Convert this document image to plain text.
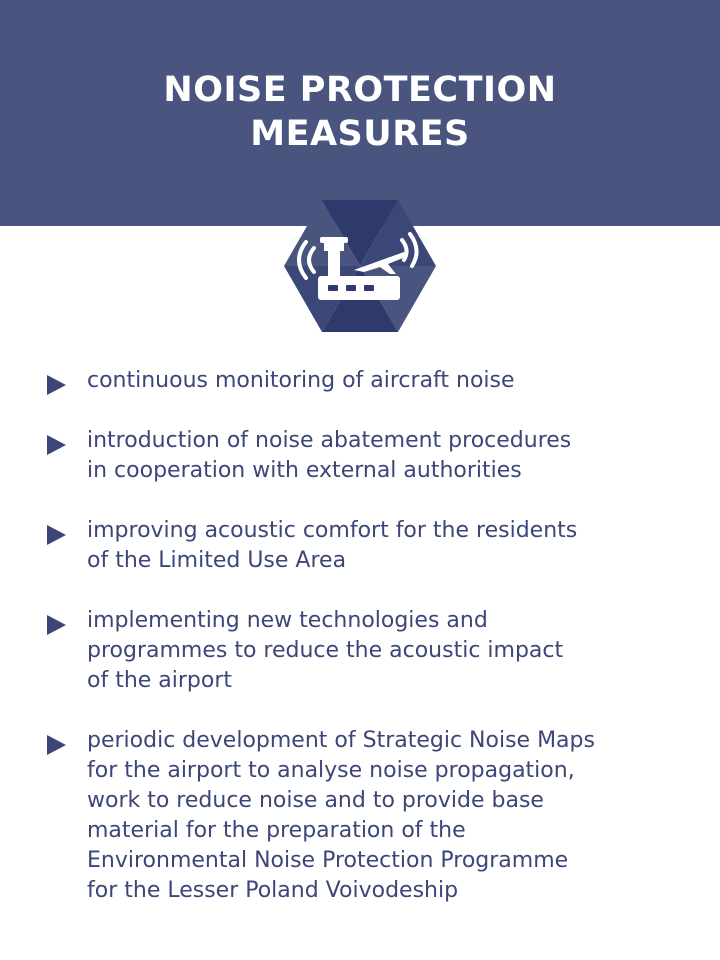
NOISE PROTECTION
MEASURES
continuous monitoring of aircraft noise
introduction of noise abatement procedures
in cooperation with external authorities
improving acoustic comfort for the residents
of the Limited Use Area
implementing new technologies and
programmes to reduce the acoustic impact
of the airport
periodic development of Strategic Noise Maps
for the airport to analyse noise propagation,
work to reduce noise and to provide base
material for the preparation of the
Environmental Noise Protection Programme
for the Lesser Poland Voivodeship
